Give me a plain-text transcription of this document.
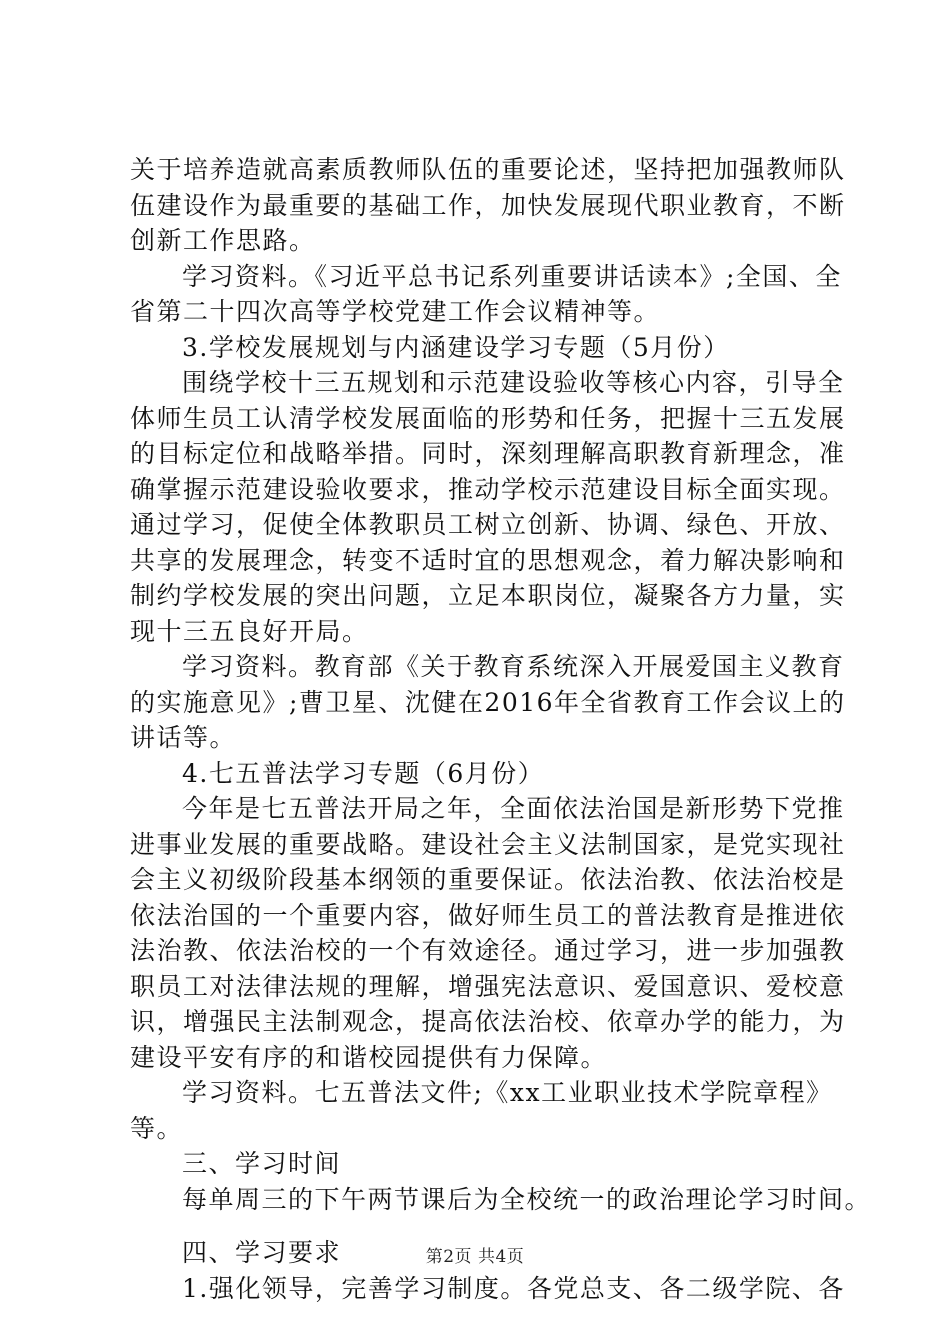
关于培养造就高素质教师队伍的重要论述，坚持把加强教师队
伍建设作为最重要的基础工作，加快发展现代职业教育，不断
创新工作思路。
学习资料。《习近平总书记系列重要讲话读本》;全国、全
省第二十四次高等学校党建工作会议精神等。
3.学校发展规划与内涵建设学习专题（5月份）
围绕学校十三五规划和示范建设验收等核心内容，引导全
体师生员工认清学校发展面临的形势和任务，把握十三五发展
的目标定位和战略举措。同时，深刻理解高职教育新理念，准
确掌握示范建设验收要求，推动学校示范建设目标全面实现。
通过学习，促使全体教职员工树立创新、协调、绿色、开放、
共享的发展理念，转变不适时宜的思想观念，着力解决影响和
制约学校发展的突出问题，立足本职岗位，凝聚各方力量，实
现十三五良好开局。
学习资料。教育部《关于教育系统深入开展爱国主义教育
的实施意见》;曹卫星、沈健在2016年全省教育工作会议上的
讲话等。
4.七五普法学习专题（6月份）
今年是七五普法开局之年，全面依法治国是新形势下党推
进事业发展的重要战略。建设社会主义法制国家，是党实现社
会主义初级阶段基本纲领的重要保证。依法治教、依法治校是
依法治国的一个重要内容，做好师生员工的普法教育是推进依
法治教、依法治校的一个有效途径。通过学习，进一步加强教
职员工对法律法规的理解，增强宪法意识、爱国意识、爱校意
识，增强民主法制观念，提高依法治校、依章办学的能力，为
建设平安有序的和谐校园提供有力保障。
学习资料。七五普法文件;《xx工业职业技术学院章程》
等。
三、学习时间
每单周三的下午两节课后为全校统一的政治理论学习时间。
四、学习要求
1.强化领导，完善学习制度。各党总支、各二级学院、各
第2页 共4页
